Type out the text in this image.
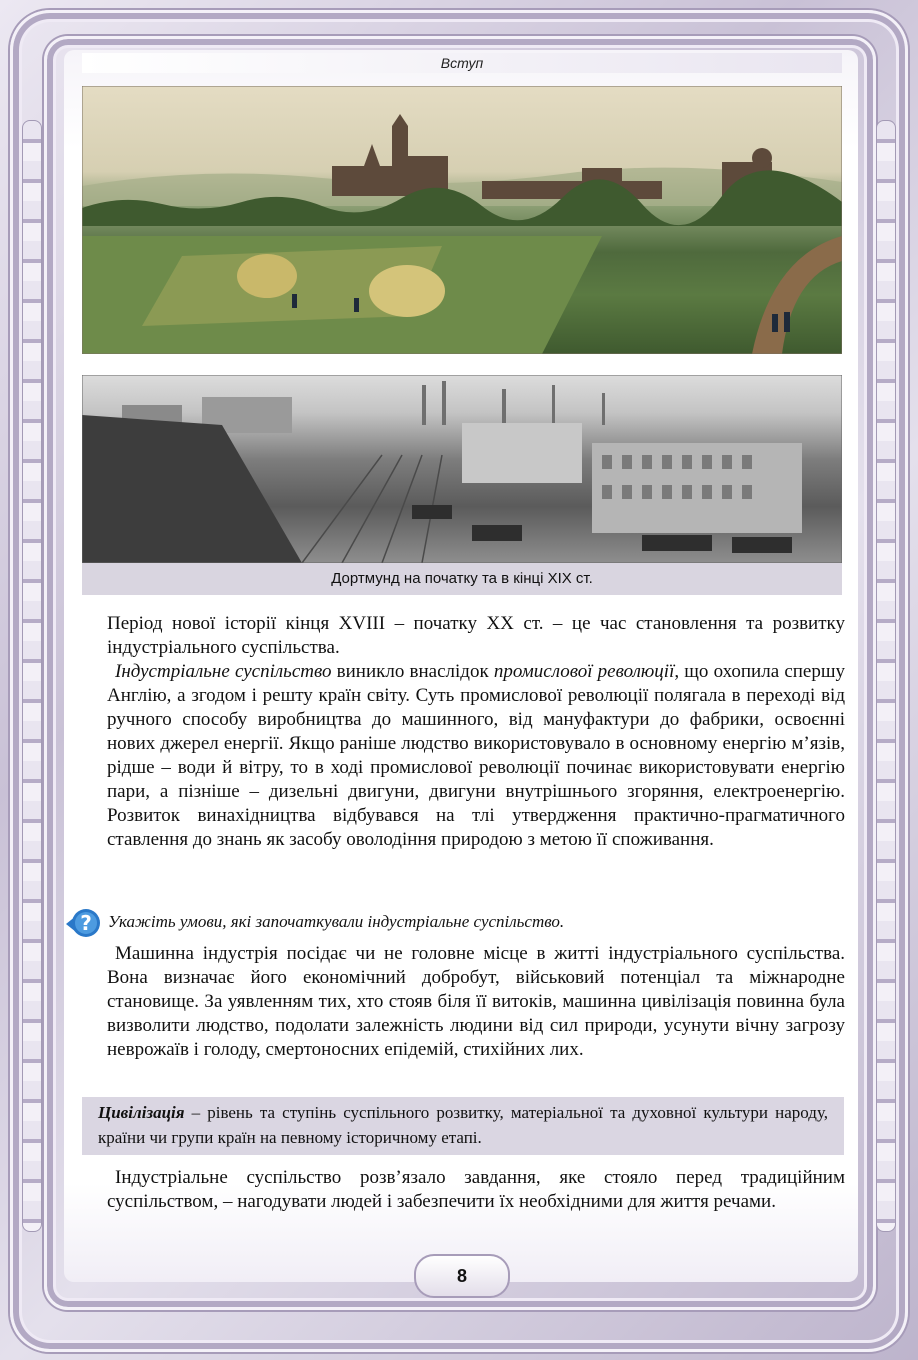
Вступ
Дортмунд на початку та в кінці XIX ст.

Період нової історії кінця XVIII – початку XX ст. – це час становлення та розвитку індустріального суспільства.

Індустріальне суспільство виникло внаслідок промислової революції, що охопила спершу Англію, а згодом і решту країн світу. Суть промислової революції полягала в переході від ручного способу виробництва до машинного, від мануфактури до фабрики, освоєнні нових джерел енергії. Якщо раніше людство використовувало в основному енергію м’язів, рідше – води й вітру, то в ході промислової революції починає використовувати енергію пари, а пізніше – дизельні двигуни, двигуни внутрішнього згоряння, електроенергію. Розвиток винахідництва відбувався на тлі утвердження практично-прагматичного ставлення до знань як засобу оволодіння природою з метою її споживання.

? Укажіть умови, які започаткували індустріальне суспільство.

Машинна індустрія посідає чи не головне місце в житті індустріального суспільства. Вона визначає його економічний добробут, військовий потенціал та міжнародне становище. За уявленням тих, хто стояв біля її витоків, машинна цивілізація повинна була визволити людство, подолати залежність людини від сил природи, усунути вічну загрозу неврожаїв і голоду, смертоносних епідемій, стихійних лих.

Цивілізація – рівень та ступінь суспільного розвитку, матеріальної та духовної культури народу, країни чи групи країн на певному історичному етапі.

Індустріальне суспільство розв’язало завдання, яке стояло перед традиційним суспільством, – нагодувати людей і забезпечити їх необхідними для життя речами.

8
